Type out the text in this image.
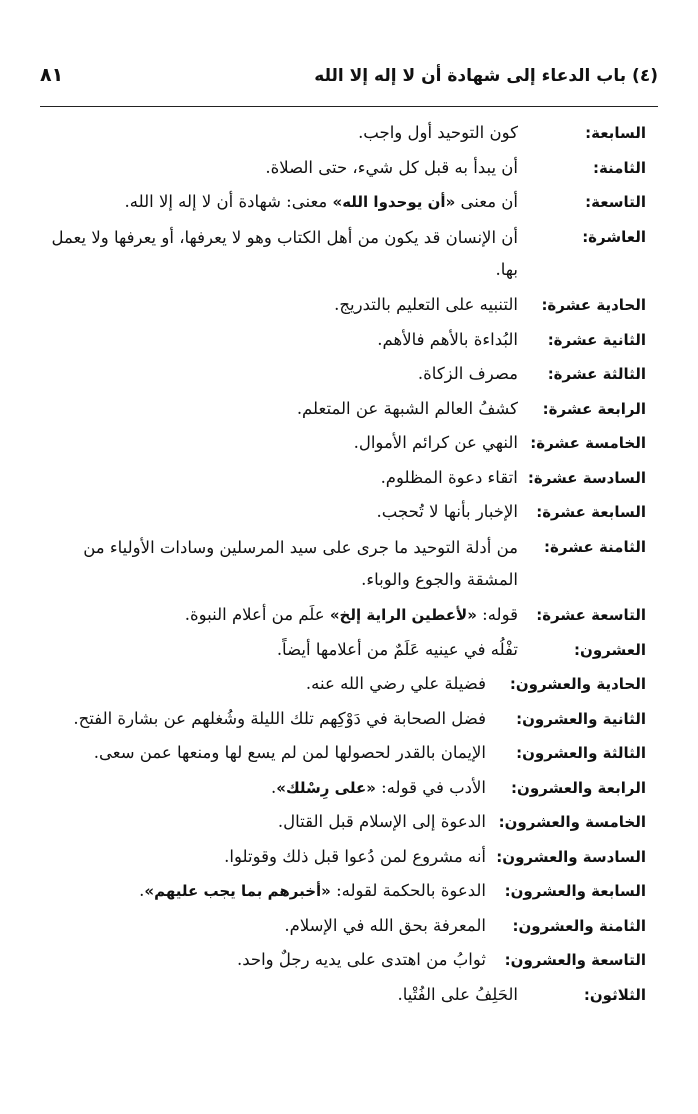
(٤) باب الدعاء إلى شهادة أن لا إله إلا الله
٨١
السابعة:
كون التوحيد أول واجب.
الثامنة:
أن يبدأ به قبل كل شيء، حتى الصلاة.
التاسعة:
أن معنى «أن يوحدوا الله» معنى: شهادة أن لا إله إلا الله.
العاشرة:
أن الإنسان قد يكون من أهل الكتاب وهو لا يعرفها، أو يعرفها ولا يعمل بها.
الحادية عشرة:
التنبيه على التعليم بالتدريج.
الثانية عشرة:
البُداءة بالأهم فالأهم.
الثالثة عشرة:
مصرف الزكاة.
الرابعة عشرة:
كشفُ العالم الشبهة عن المتعلم.
الخامسة عشرة:
النهي عن كرائم الأموال.
السادسة عشرة:
اتقاء دعوة المظلوم.
السابعة عشرة:
الإخبار بأنها لا تُحجب.
الثامنة عشرة:
من أدلة التوحيد ما جرى على سيد المرسلين وسادات الأولياء من المشقة والجوع والوباء.
التاسعة عشرة:
قوله: «لأعطين الراية إلخ» علَم من أعلام النبوة.
العشرون:
تفْلُه في عينيه عَلَمٌ من أعلامها أيضاً.
الحادية والعشرون:
فضيلة علي رضي الله عنه.
الثانية والعشرون:
فضل الصحابة في دَوْكِهم تلك الليلة وشُغلهم عن بشارة الفتح.
الثالثة والعشرون:
الإيمان بالقدر لحصولها لمن لم يسع لها ومنعها عمن سعى.
الرابعة والعشرون:
الأدب في قوله: «على رِسْلك».
الخامسة والعشرون:
الدعوة إلى الإسلام قبل القتال.
السادسة والعشرون:
أنه مشروع لمن دُعوا قبل ذلك وقوتلوا.
السابعة والعشرون:
الدعوة بالحكمة لقوله: «أخبرهم بما يجب عليهم».
الثامنة والعشرون:
المعرفة بحق الله في الإسلام.
التاسعة والعشرون:
ثوابُ من اهتدى على يديه رجلٌ واحد.
الثلاثون:
الحَلِفُ على الفُتْيا.
